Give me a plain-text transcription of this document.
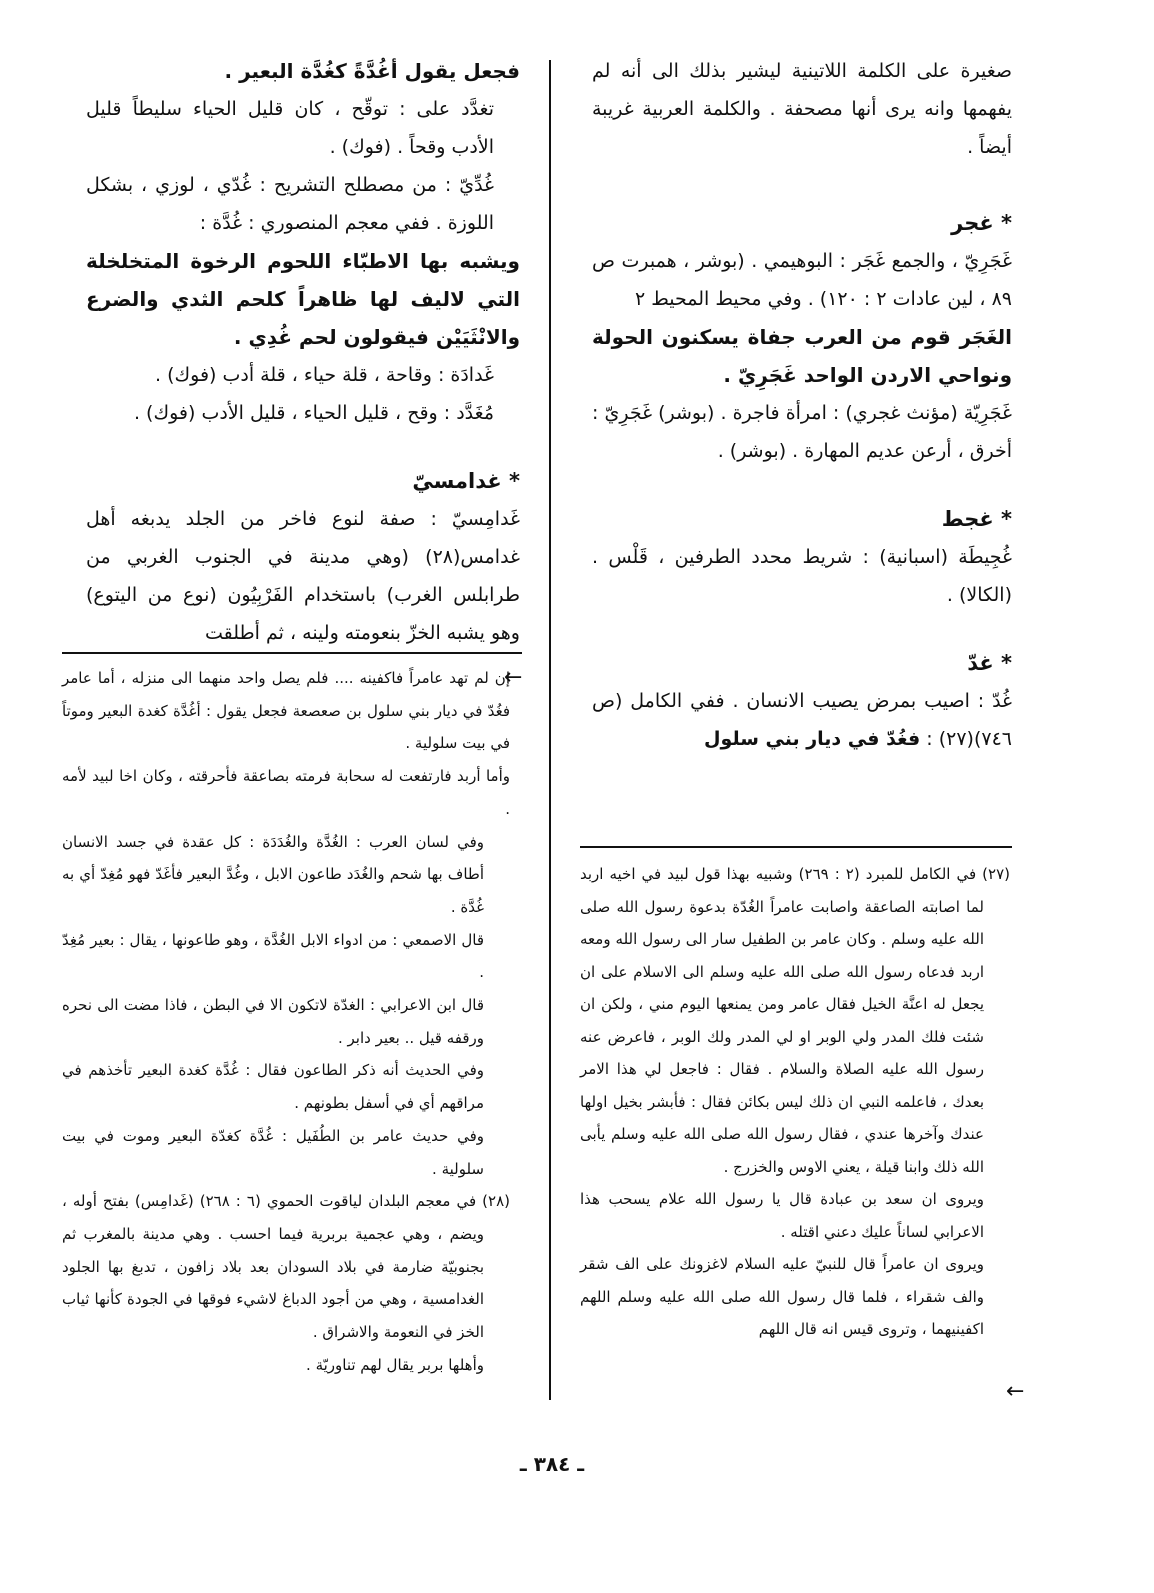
صغيرة على الكلمة اللاتينية ليشير بذلك الى أنه لم يفهمها وانه يرى أنها مصحفة . والكلمة العربية غريبة أيضاً .

* غجر

غَجَرِيّ ، والجمع غَجَر : البوهيمي . (بوشر ، همبرت ص ٨٩ ، لين عادات ٢ : ١٢٠) . وفي محيط المحيط ٢

الغَجَر قوم من العرب جفاة يسكنون الحولة ونواحي الاردن الواحد غَجَرِيّ .

غَجَرِيّة (مؤنث غجري) : امرأة فاجرة . (بوشر) غَجَرِيّ : أخرق ، أرعن عديم المهارة . (بوشر) .

* غجط

غُجِيطَة (اسبانية) : شريط محدد الطرفين ، قَلْس . (الكالا) .

* غدّ

غُدّ : اصيب بمرض يصيب الانسان . ففي الكامل (ص ٧٤٦)(٢٧) : فغُدّ في ديار بني سلول

فجعل يقول أغُدَّةً كغُدَّة البعير .

تغدَّد على : توقّح ، كان قليل الحياء سليطاً قليل الأدب وقحاً . (فوك) .

غُدِّيّ : من مصطلح التشريح : غُدّي ، لوزي ، بشكل اللوزة . ففي معجم المنصوري : غُدَّة :

ويشبه بها الاطبّاء اللحوم الرخوة المتخلخلة التي لاليف لها ظاهراً كلحم الثدي والضرع والانْثَيَيْن فيقولون لحم غُدِي .

غَدادَة : وقاحة ، قلة حياء ، قلة أدب (فوك) .

مُغَدَّد : وقح ، قليل الحياء ، قليل الأدب (فوك) .

* غدامسيّ

غَدامِسيّ : صفة لنوع فاخر من الجلد يدبغه أهل غدامس(٢٨) (وهي مدينة في الجنوب الغربي من طرابلس الغرب) باستخدام الفَرْبِيُون (نوع من اليتوع) وهو يشبه الخزّ بنعومته ولينه ، ثم أطلقت

←
←

إن لم تهد عامراً فاكفينه .... فلم يصل واحد منهما الى منزله ، أما عامر فغُدّ في ديار بني سلول بن صعصعة فجعل يقول : أغُدَّة كغدة البعير وموتاً في بيت سلولية .

وأما أربد فارتفعت له سحابة فرمته بصاعقة فأحرقته ، وكان اخا لبيد لأمه .

وفي لسان العرب : الغُدَّة والغُدَدَة : كل عقدة في جسد الانسان أطاف بها شحم والغُدَد طاعون الابل ، وغُدَّ البعير فأغَدّ فهو مُغِدّ أي به غُدَّة .

قال الاصمعي : من ادواء الابل الغُدَّة ، وهو طاعونها ، يقال : بعير مُغِدّ .

قال ابن الاعرابي : الغدّة لاتكون الا في البطن ، فاذا مضت الى نحره ورقفه قيل .. بعير دابر .

وفي الحديث أنه ذكر الطاعون فقال : غُدَّة كغدة البعير تأخذهم في مراقهم أي في أسفل بطونهم .

وفي حديث عامر بن الطُفَيل : غُدَّة كغدّة البعير وموت في بيت سلولية .

(٢٨) في معجم البلدان لياقوت الحموي (٦ : ٢٦٨) (غَدامِس) بفتح أوله ، ويضم ، وهي عجمية بربرية فيما احسب . وهي مدينة بالمغرب ثم بجنوبيّة ضارمة في بلاد السودان بعد بلاد زافون ، تدبغ بها الجلود الغدامسية ، وهي من أجود الدباغ لاشيء فوقها في الجودة كأنها ثياب الخز في النعومة والاشراق .

وأهلها بربر يقال لهم تناوريّة .

(٢٧) في الكامل للمبرد (٢ : ٢٦٩) وشبيه بهذا قول لبيد في اخيه اربد لما اصابته الصاعقة واصابت عامراً الغُدّة بدعوة رسول الله صلى الله عليه وسلم . وكان عامر بن الطفيل سار الى رسول الله ومعه اربد فدعاه رسول الله صلى الله عليه وسلم الى الاسلام على ان يجعل له اعنَّة الخيل فقال عامر ومن يمنعها اليوم مني ، ولكن ان شئت فلك المدر ولي الوبر او لي المدر ولك الوبر ، فاعرض عنه رسول الله عليه الصلاة والسلام . فقال : فاجعل لي هذا الامر بعدك ، فاعلمه النبي ان ذلك ليس بكائن فقال : فأبشر بخيل اولها عندك وآخرها عندي ، فقال رسول الله صلى الله عليه وسلم يأبى الله ذلك وابنا قيلة ، يعني الاوس والخزرج .

ويروى ان سعد بن عبادة قال يا رسول الله علام يسحب هذا الاعرابي لساناً عليك دعني اقتله .

ويروى ان عامراً قال للنبيّ عليه السلام لاغزونك على الف شقر والف شقراء ، فلما قال رسول الله صلى الله عليه وسلم اللهم اكفينيهما ، وتروى قيس انه قال اللهم

ـ ٣٨٤ ـ
